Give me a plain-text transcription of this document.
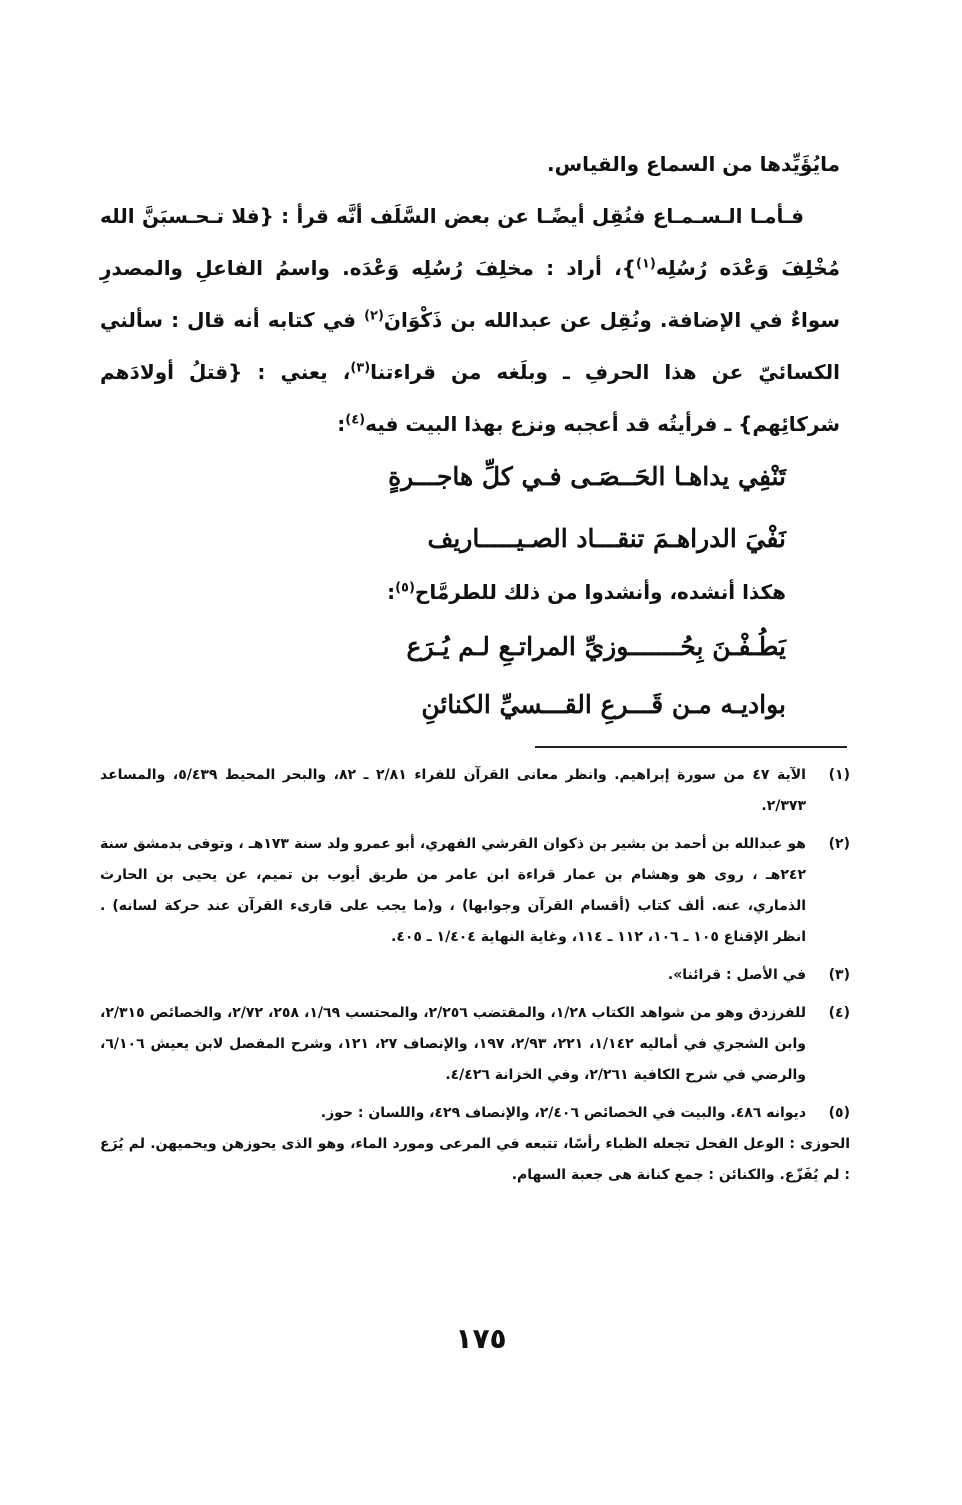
مايُؤَيِّدها من السماع والقياس.

فـأمـا الـسـمـاع فنُقِل أيضًـا عن بعض السَّلَف أنَّه قرأ : {فلا تـحـسبَنَّ الله مُخْلِفَ وَعْدَه رُسُلِه$^{(١)}$}، أراد : مخلِفَ رُسُلِه وَعْدَه. واسمُ الفاعلِ والمصدرِ سواءٌ في الإضافة. ونُقِل عن عبدالله بن ذَكْوَانَ$^{(٢)}$ في كتابه أنه قال : سألني الكسائيّ عن هذا الحرفِ ـ وبلَغه من قراءتنا$^{(٣)}$، يعني : {قتلُ أولادَهم شركائِهم} ـ فرأيتُه قد أعجبه ونزع بهذا البيت فيه$^{(٤)}$:

تَنْفِي يداهـا الحَــصَـى فـي كلِّ هاجـــرةٍ
نَفْيَ الدراهـمَ تنقـــاد الصـيـــــاريف
هكذا أنشده، وأنشدوا من ذلك للطرمَّاح$^{(٥)}$:
يَطُـفْـنَ بِحُـــــــوزيِّ المراتـعِ لـم يُـرَع
بواديـه مـن قَـــرعِ القـــسيِّ الكنائنِ
(١)
الآية ٤٧ من سورة إبراهيم. وانظر معانى القرآن للفراء ٢/٨١ ـ ٨٢، والبحر المحيط ٥/٤٣٩، والمساعد ٢/٣٧٣.
(٢)
هو عبدالله بن أحمد بن بشير بن ذكوان القرشي الفهري، أبو عمرو ولد سنة ١٧٣هـ ، وتوفى بدمشق سنة ٢٤٢هـ ، روى هو وهشام بن عمار قراءة ابن عامر من طريق أيوب بن تميم، عن يحيى بن الحارث الذماري، عنه. ألف كتاب (أقسام القرآن وجوابها) ، و(ما يجب على قارىء القرآن عند حركة لسانه) . انظر الإقناع ١٠٥ ـ ١٠٦، ١١٢ ـ ١١٤، وغاية النهاية ١/٤٠٤ ـ ٤٠٥.
(٣)
في الأصل : قرائنا».
(٤)
للفرزدق وهو من شواهد الكتاب ١/٢٨، والمقتضب ٢/٢٥٦، والمحتسب ١/٦٩، ٢٥٨، ٢/٧٢، والخصائص ٢/٣١٥، وابن الشجري في أماليه ١/١٤٢، ٢٢١، ٢/٩٣، ١٩٧، والإنصاف ٢٧، ١٢١، وشرح المفصل لابن يعيش ٦/١٠٦، والرضي في شرح الكافية ٢/٢٦١، وفي الخزانة ٤/٤٢٦.
(٥)
ديوانه ٤٨٦. والبيت في الخصائص ٢/٤٠٦، والإنصاف ٤٢٩، واللسان : حوز.
الحوزى : الوعل الفحل تجعله الظباء رأسًا، تتبعه في المرعى ومورد الماء، وهو الذى يحوزهن ويحميهن. لم يُرَع : لم يُفَزّع. والكنائن : جمع كنانة هى جعبة السهام.
١٧٥
